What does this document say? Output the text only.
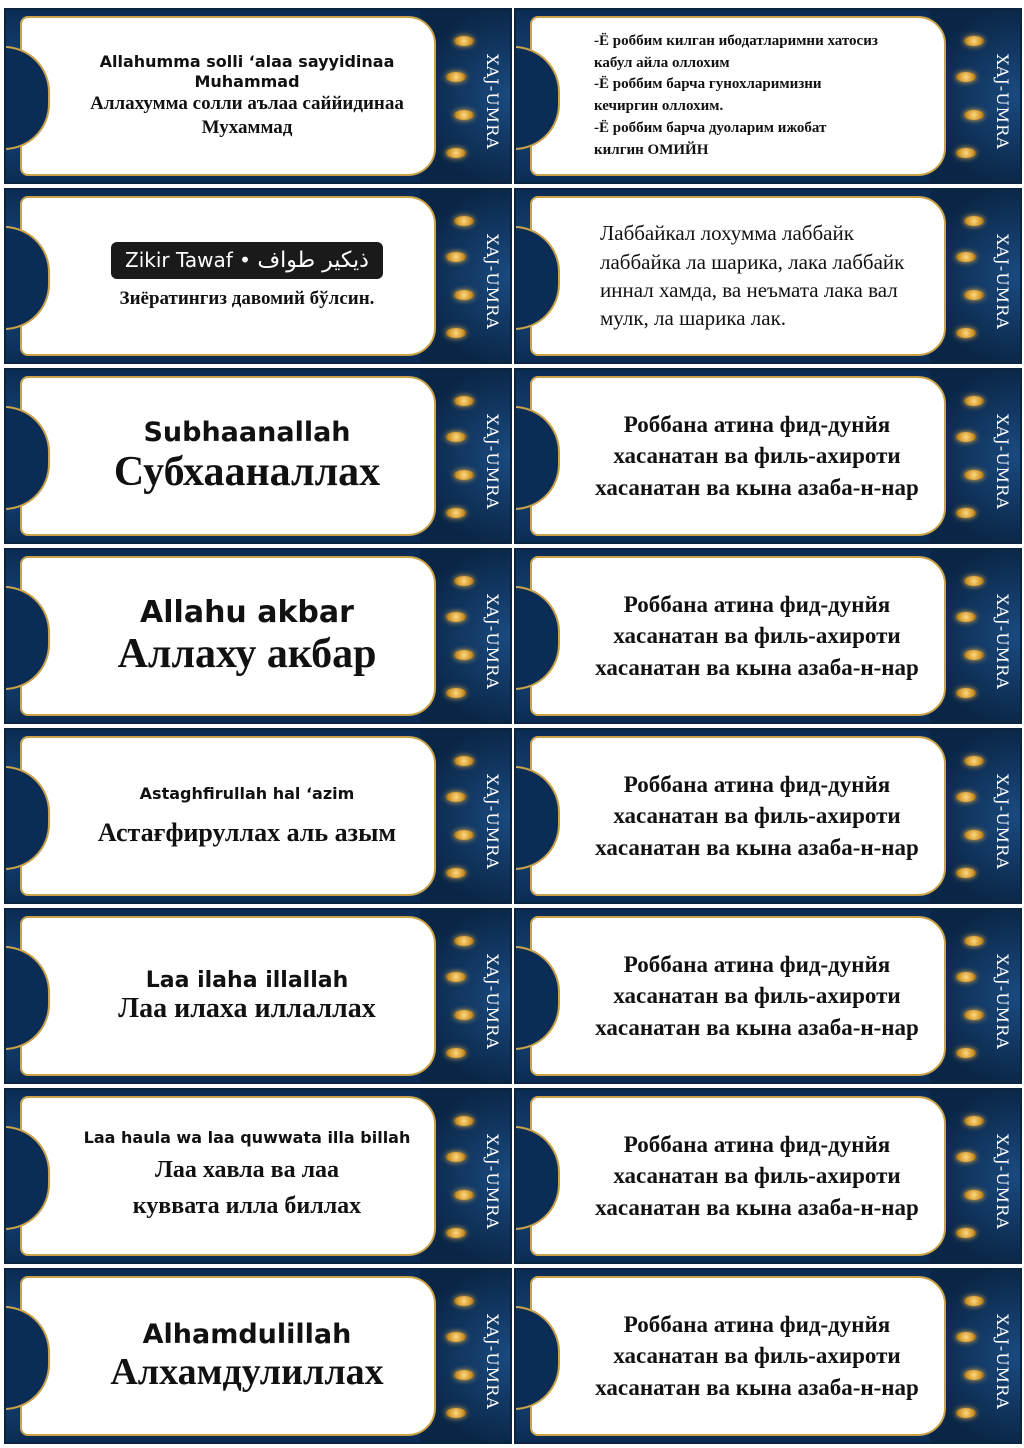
7	XAJ-UMRA
Allahumma solli ‘alaa sayyidinaa Muhammad
Аллахумма солли аълаа саййидинаа Мухаммад	XAJ-UMRA
-Ё роббим килган ибодатларимни хатосиз
кабул айла оллохим
-Ё роббим барча гунохларимизни
кечиргин оллохим.
-Ё роббим барча дуоларим ижобат
килгин ОМИЙН
XAJ-UMRA
Zikir Tawaf • ذيكير طواف
Зиёратингиз давомий бўлсин.	XAJ-UMRA
Лаббайкал лохумма лаббайк
лаббайка ла шарика, лака лаббайк
иннал хамда, ва неъмата лака вал
мулк, ла шарика лак.
4	XAJ-UMRA
Subhaanallah
Субхааналлах	XAJ-UMRA
Роббана атина фид-дунйя
хасанатан ва филь-ахироти
хасанатан ва кына азаба-н-нар
6	XAJ-UMRA
Allahu akbar
Аллаху акбар	XAJ-UMRA
Роббана атина фид-дунйя
хасанатан ва филь-ахироти
хасанатан ва кына азаба-н-нар
1	XAJ-UMRA
Astaghfirullah hal ‘azim
Астағфируллах аль азым	XAJ-UMRA
Роббана атина фид-дунйя
хасанатан ва филь-ахироти
хасанатан ва кына азаба-н-нар
2	XAJ-UMRA
Laa ilaha illallah
Лаа илаха иллаллах	XAJ-UMRA
Роббана атина фид-дунйя
хасанатан ва филь-ахироти
хасанатан ва кына азаба-н-нар
3	XAJ-UMRA
Laa haula wa laa quwwata illa billah
Лаа хавла ва лаа
куввата илла биллах	XAJ-UMRA
Роббана атина фид-дунйя
хасанатан ва филь-ахироти
хасанатан ва кына азаба-н-нар
5	XAJ-UMRA
Alhamdulillah
Алхамдулиллах	XAJ-UMRA
Роббана атина фид-дунйя
хасанатан ва филь-ахироти
хасанатан ва кына азаба-н-нар
